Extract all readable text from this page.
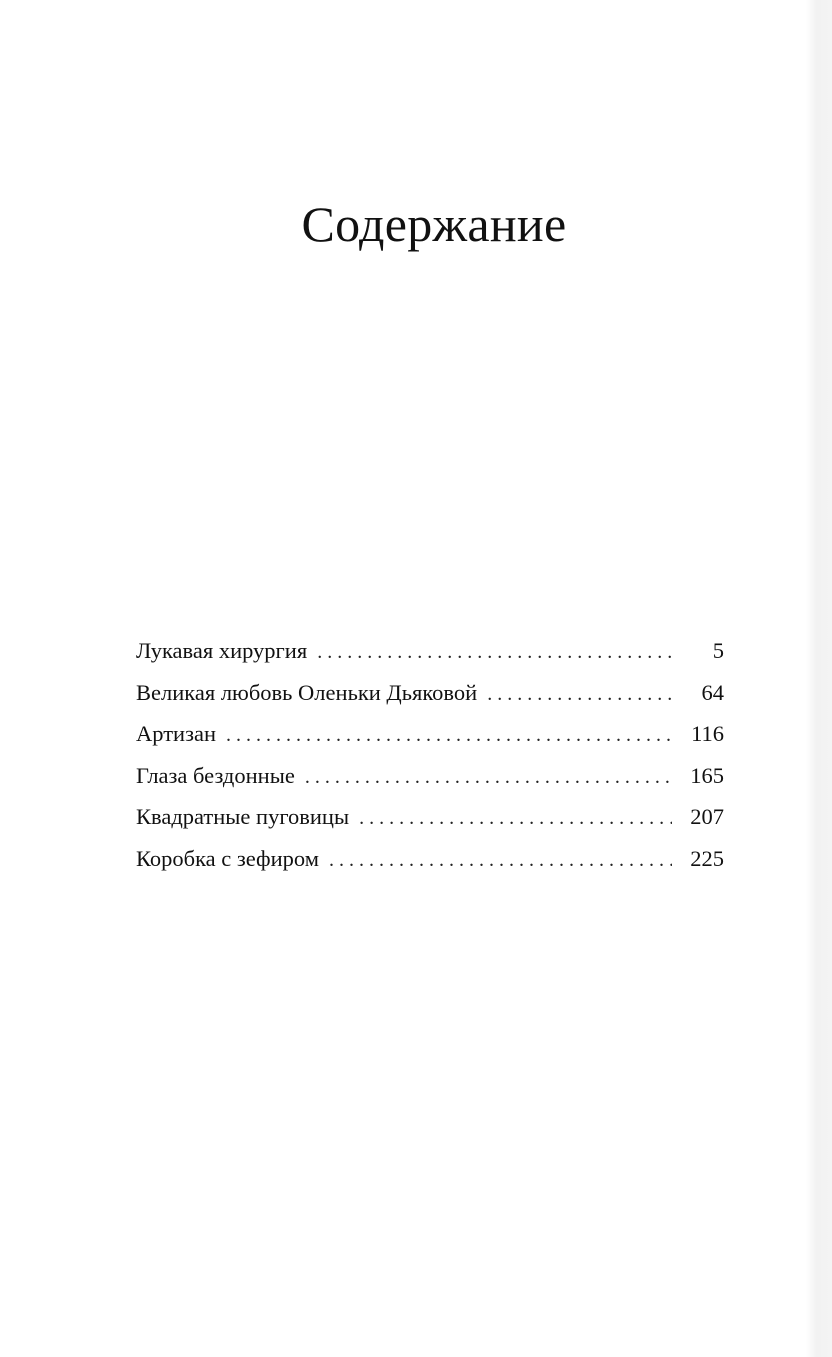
Содержание
Лукавая хирургия . . .	5
Великая любовь Оленьки Дьяковой . . .	64
Артизан . . .	116
Глаза бездонные . . .	165
Квадратные пуговицы . . .	207
Коробка с зефиром . . .	225
